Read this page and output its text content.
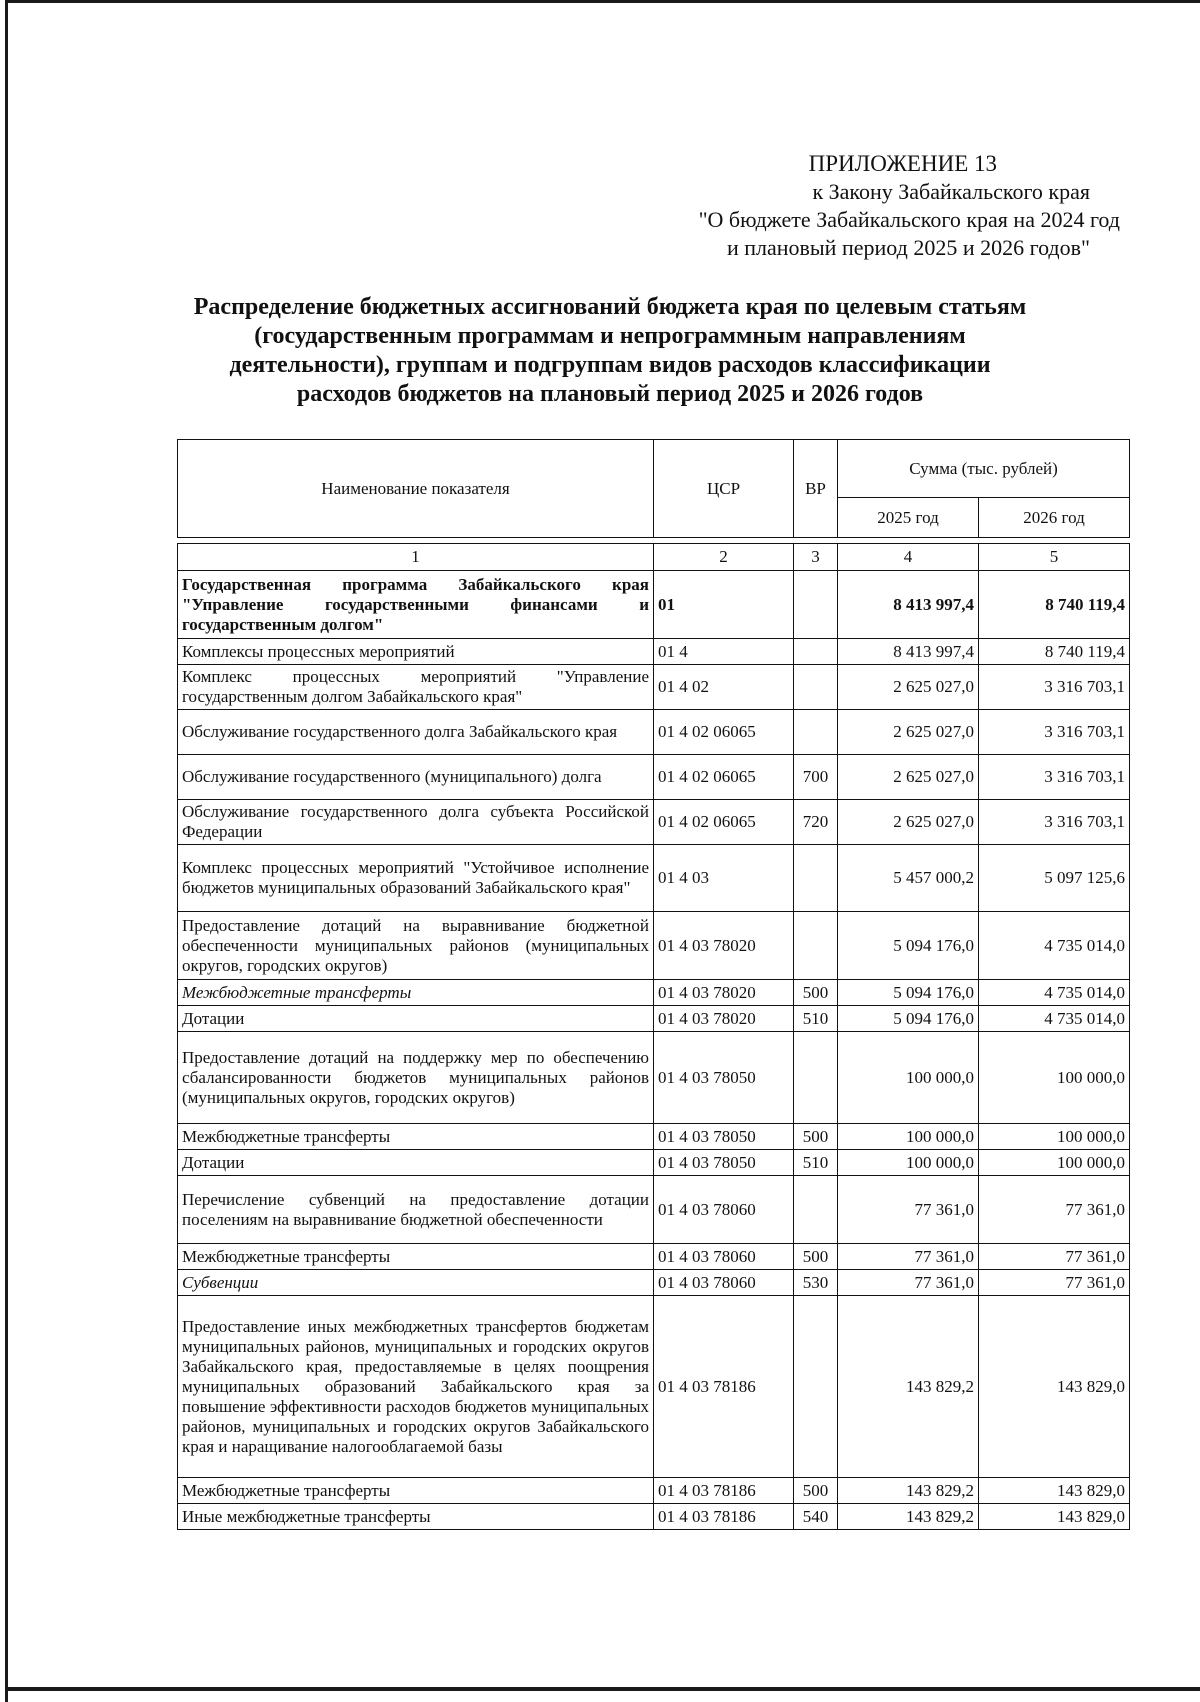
ПРИЛОЖЕНИЕ 13
к Закону Забайкальского края
"О бюджете Забайкальского края на 2024 год
и плановый период 2025 и 2026 годов"
Распределение бюджетных ассигнований бюджета края по целевым статьям
(государственным программам и непрограммным направлениям
деятельности), группам и подгруппам видов расходов классификации
расходов бюджетов на плановый период 2025 и 2026 годов
Наименование показателя	ЦСР	ВР	Сумма (тыс. рублей)	
			2025 год	2026 год

1	2	3	4	5
Государственная программа Забайкальского края "Управление государственными финансами и государственным долгом"	01		8 413 997,4	8 740 119,4
Комплексы процессных мероприятий	01 4		8 413 997,4	8 740 119,4
Комплекс процессных мероприятий "Управление государственным долгом Забайкальского края"	01 4 02		2 625 027,0	3 316 703,1
Обслуживание государственного долга Забайкальского края	01 4 02 06065		2 625 027,0	3 316 703,1
Обслуживание государственного (муниципального) долга	01 4 02 06065	700	2 625 027,0	3 316 703,1
Обслуживание государственного долга субъекта Российской Федерации	01 4 02 06065	720	2 625 027,0	3 316 703,1
Комплекс процессных мероприятий "Устойчивое исполнение бюджетов муниципальных образований Забайкальского края"	01 4 03		5 457 000,2	5 097 125,6
Предоставление дотаций на выравнивание бюджетной обеспеченности муниципальных районов (муниципальных округов, городских округов)	01 4 03 78020		5 094 176,0	4 735 014,0
Межбюджетные трансферты	01 4 03 78020	500	5 094 176,0	4 735 014,0
Дотации	01 4 03 78020	510	5 094 176,0	4 735 014,0
Предоставление дотаций на поддержку мер по обеспечению сбалансированности бюджетов муниципальных районов (муниципальных округов, городских округов)	01 4 03 78050		100 000,0	100 000,0
Межбюджетные трансферты	01 4 03 78050	500	100 000,0	100 000,0
Дотации	01 4 03 78050	510	100 000,0	100 000,0
Перечисление субвенций на предоставление дотации поселениям на выравнивание бюджетной обеспеченности	01 4 03 78060		77 361,0	77 361,0
Межбюджетные трансферты	01 4 03 78060	500	77 361,0	77 361,0
Субвенции	01 4 03 78060	530	77 361,0	77 361,0
Предоставление иных межбюджетных трансфертов бюджетам муниципальных районов, муниципальных и городских округов Забайкальского края, предоставляемые в целях поощрения муниципальных образований Забайкальского края за повышение эффективности расходов бюджетов муниципальных районов, муниципальных и городских округов Забайкальского края и наращивание налогооблагаемой базы	01 4 03 78186		143 829,2	143 829,0
Межбюджетные трансферты	01 4 03 78186	500	143 829,2	143 829,0
Иные межбюджетные трансферты	01 4 03 78186	540	143 829,2	143 829,0
